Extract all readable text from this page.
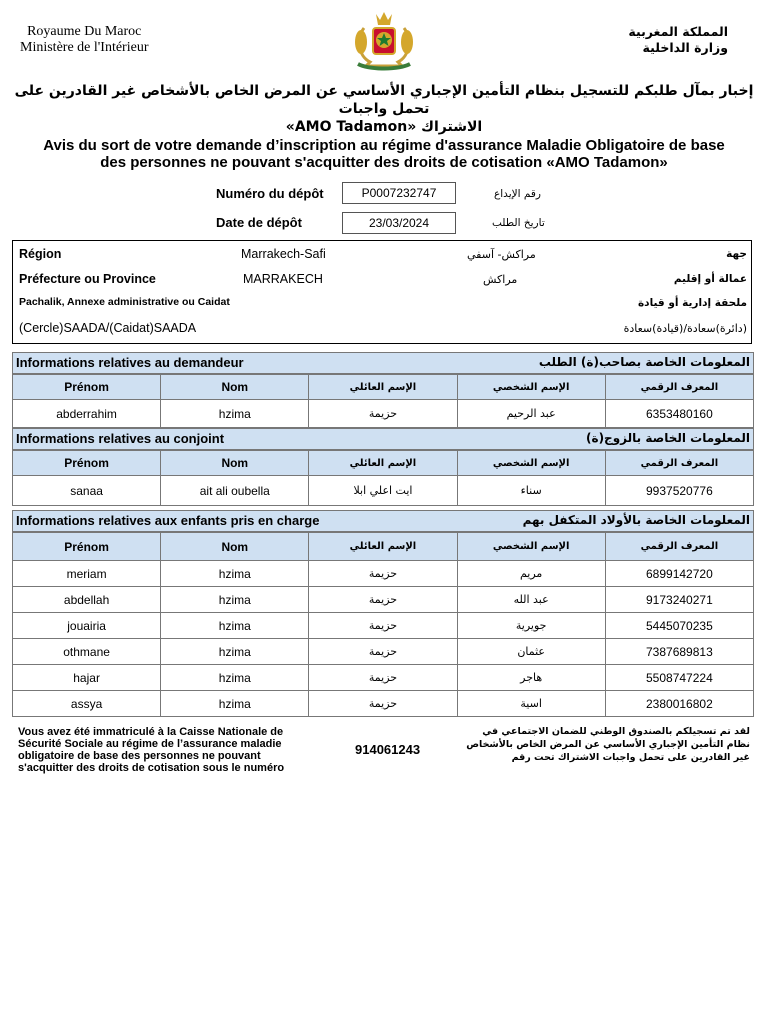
Royaume Du Maroc
Ministère de l'Intérieur
المملكة المغربية
وزارة الداخلية
إخبار بمآل طلبكم للتسجيل بنظام التأمين الإجباري الأساسي عن المرض الخاص بالأشخاص غير القادرين على تحمل واجبات
الاشتراك «AMO Tadamon»
Avis du sort de votre demande d’inscription au régime d'assurance Maladie Obligatoire de base
des personnes ne pouvant s'acquitter des droits de cotisation «AMO Tadamon»
Numéro du dépôt	P0007232747	رقم الإيداع
Date de dépôt	23/03/2024	تاريخ الطلب
Région	Marrakech-Safi	مراكش- آسفي	جهة
Préfecture ou Province	MARRAKECH	مراكش	عمالة أو إقليم
Pachalik, Annexe administrative ou Caidat	ملحقة إدارية أو قيادة
(Cercle)SAADA/(Caidat)SAADA	(دائرة)سعادة/(قيادة)سعادة
Informations relatives au demandeur	المعلومات الخاصة بصاحب(ة) الطلب
Prénom	Nom	الإسم العائلي	الإسم الشخصي	المعرف الرقمي
abderrahim	hzima	حزيمة	عبد الرحيم	6353480160
Informations relatives au conjoint	المعلومات الخاصة بالزوج(ة)
Prénom	Nom	الإسم العائلي	الإسم الشخصي	المعرف الرقمي
sanaa	ait ali oubella	ايت اعلي ابلا	سناء	9937520776
Informations relatives aux enfants pris en charge	المعلومات الخاصة بالأولاد المتكفل بهم
Prénom	Nom	الإسم العائلي	الإسم الشخصي	المعرف الرقمي
meriam	hzima	حزيمة	مريم	6899142720
abdellah	hzima	حزيمة	عبد الله	9173240271
jouairia	hzima	حزيمة	جويرية	5445070235
othmane	hzima	حزيمة	عثمان	7387689813
hajar	hzima	حزيمة	هاجر	5508747224
assya	hzima	حزيمة	اسية	2380016802
Vous avez été immatriculé à la Caisse Nationale de Sécurité Sociale au régime de l’assurance maladie obligatoire de base des personnes ne pouvant s'acquitter des droits de cotisation sous le numéro
914061243
لقد تم تسجيلكم بالصندوق الوطني للضمان الاجتماعي في نظام التأمين الإجباري الأساسي عن المرض الخاص بالأشخاص غير القادرين على تحمل واجبات الاشتراك تحت رقم
